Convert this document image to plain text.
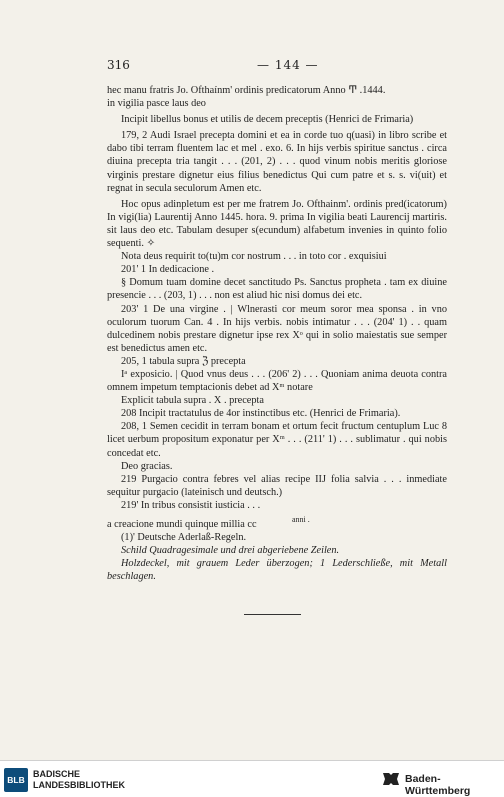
316	— 144 —

hec manu fratris Jo. Ofthaínm' ordinis predicatorum Anno Ͳ .1444.

in vigilia pasce laus deo

Incipit libellus bonus et utilis de decem preceptis (Henrici de Frimaria)

179, 2 Audi Israel precepta domini et ea in corde tuo q(uasi) in libro scribe et dabo tibi terram fluentem lac et mel . exo. 6. In hijs verbis spiritue sanctus . circa diuina precepta tria tangit . . . (201, 2) . . . quod vinum nobis meritis gloriose virginis prestare dignetur eius filius benedictus Qui cum patre et s. s. vi(uit) et regnat in secula seculorum Amen etc.

Hoc opus adinpletum est per me fratrem Jo. Ofthainm'. ordinis pred(icatorum) In vigi(lia) Laurentij Anno 1445. hora. 9. prima In vigilia beati Laurencij martiris. sit laus deo etc. Tabulam desuper s(ecundum) alfabetum invenies in quinto folio sequenti. ✧

Nota deus requirit to(tu)m cor nostrum . . . in toto cor . exquisiui

201' 1 In dedicacione .

§ Domum tuam domine decet sanctitudo Ps. Sanctus propheta . tam ex diuine presencie . . . (203, 1) . . . non est aliud hic nisi domus dei etc.

203' 1 De una virgine . | Wlnerasti cor meum soror mea sponsa . in vno oculorum tuorum Can. 4 . In hijs verbis. nobis intimatur . . . (204' 1) . . quam dulcedinem nobis prestare dignetur ipse rex Xᵒ qui in solio maiestatis sue semper est benedictus amen etc.

205, 1 tabula supra ℨ precepta

Iᵃ exposicio. | Quod vnus deus . . . (206' 2) . . . Quoniam anima deuota contra omnem impetum temptacionis debet ad Xᵐ notare

Explicit tabula supra . X . precepta

208 Incipit tractatulus de 4or instinctibus etc. (Henrici de Frimaria).

208, 1 Semen cecidit in terram bonam et ortum fecit fructum centuplum Luc 8 licet uerbum propositum exponatur per Xᵐ . . . (211' 1) . . . sublimatur . qui nobis concedat etc.

Deo gracias.

219 Purgacio contra febres vel alias recipe IIJ folia salvia . . . inmediate sequitur purgacio (lateinisch und deutsch.)

219' In tribus consistit iusticia . . .

anni .

a creacione mundi quinque millia cc

(1)' Deutsche Aderlaß-Regeln.

Schild Quadragesimale und drei abgeriebene Zeilen.

Holzdeckel, mit grauem Leder überzogen; 1 Lederschließe, mit Metall beschlagen.

BLB
BADISCHE
LANDESBIBLIOTHEK	Baden-Württemberg
